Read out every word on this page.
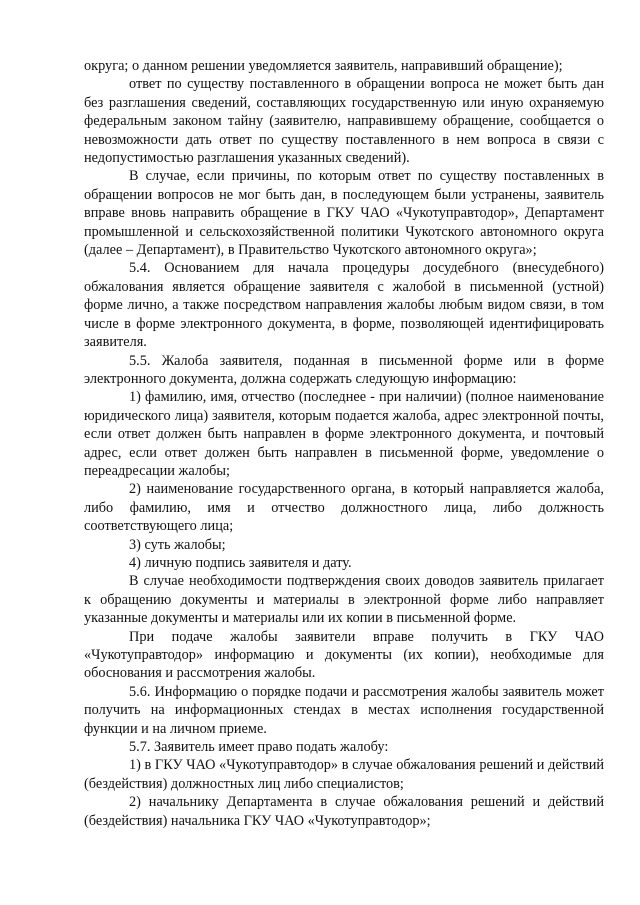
округа; о данном решении уведомляется заявитель, направивший обращение);

ответ по существу поставленного в обращении вопроса не может быть дан без разглашения сведений, составляющих государственную или иную охраняемую федеральным законом тайну (заявителю, направившему обращение, сообщается о невозможности дать ответ по существу поставленного в нем вопроса в связи с недопустимостью разглашения указанных сведений).

В случае, если причины, по которым ответ по существу поставленных в обращении вопросов не мог быть дан, в последующем были устранены, заявитель вправе вновь направить обращение в ГКУ ЧАО «Чукотуправтодор», Департамент промышленной и сельскохозяйственной политики Чукотского автономного округа (далее – Департамент), в Правительство Чукотского автономного округа»;

5.4. Основанием для начала процедуры досудебного (внесудебного) обжалования является обращение заявителя с жалобой в письменной (устной) форме лично, а также посредством направления жалобы любым видом связи, в том числе в форме электронного документа, в форме, позволяющей идентифицировать заявителя.

5.5. Жалоба заявителя, поданная в письменной форме или в форме электронного документа, должна содержать следующую информацию:

1) фамилию, имя, отчество (последнее - при наличии) (полное наименование юридического лица) заявителя, которым подается жалоба, адрес электронной почты, если ответ должен быть направлен в форме электронного документа, и почтовый адрес, если ответ должен быть направлен в письменной форме, уведомление о переадресации жалобы;

2) наименование государственного органа, в который направляется жалоба, либо фамилию, имя и отчество должностного лица, либо должность соответствующего лица;

3) суть жалобы;

4) личную подпись заявителя и дату.

В случае необходимости подтверждения своих доводов заявитель прилагает к обращению документы и материалы в электронной форме либо направляет указанные документы и материалы или их копии в письменной форме.

При подаче жалобы заявители вправе получить в ГКУ ЧАО «Чукотуправтодор» информацию и документы (их копии), необходимые для обоснования и рассмотрения жалобы.

5.6. Информацию о порядке подачи и рассмотрения жалобы заявитель может получить на информационных стендах в местах исполнения государственной функции и на личном приеме.

5.7. Заявитель имеет право подать жалобу:

1) в ГКУ ЧАО «Чукотуправтодор» в случае обжалования решений и действий (бездействия) должностных лиц либо специалистов;

2) начальнику Департамента в случае обжалования решений и действий (бездействия) начальника ГКУ ЧАО «Чукотуправтодор»;
